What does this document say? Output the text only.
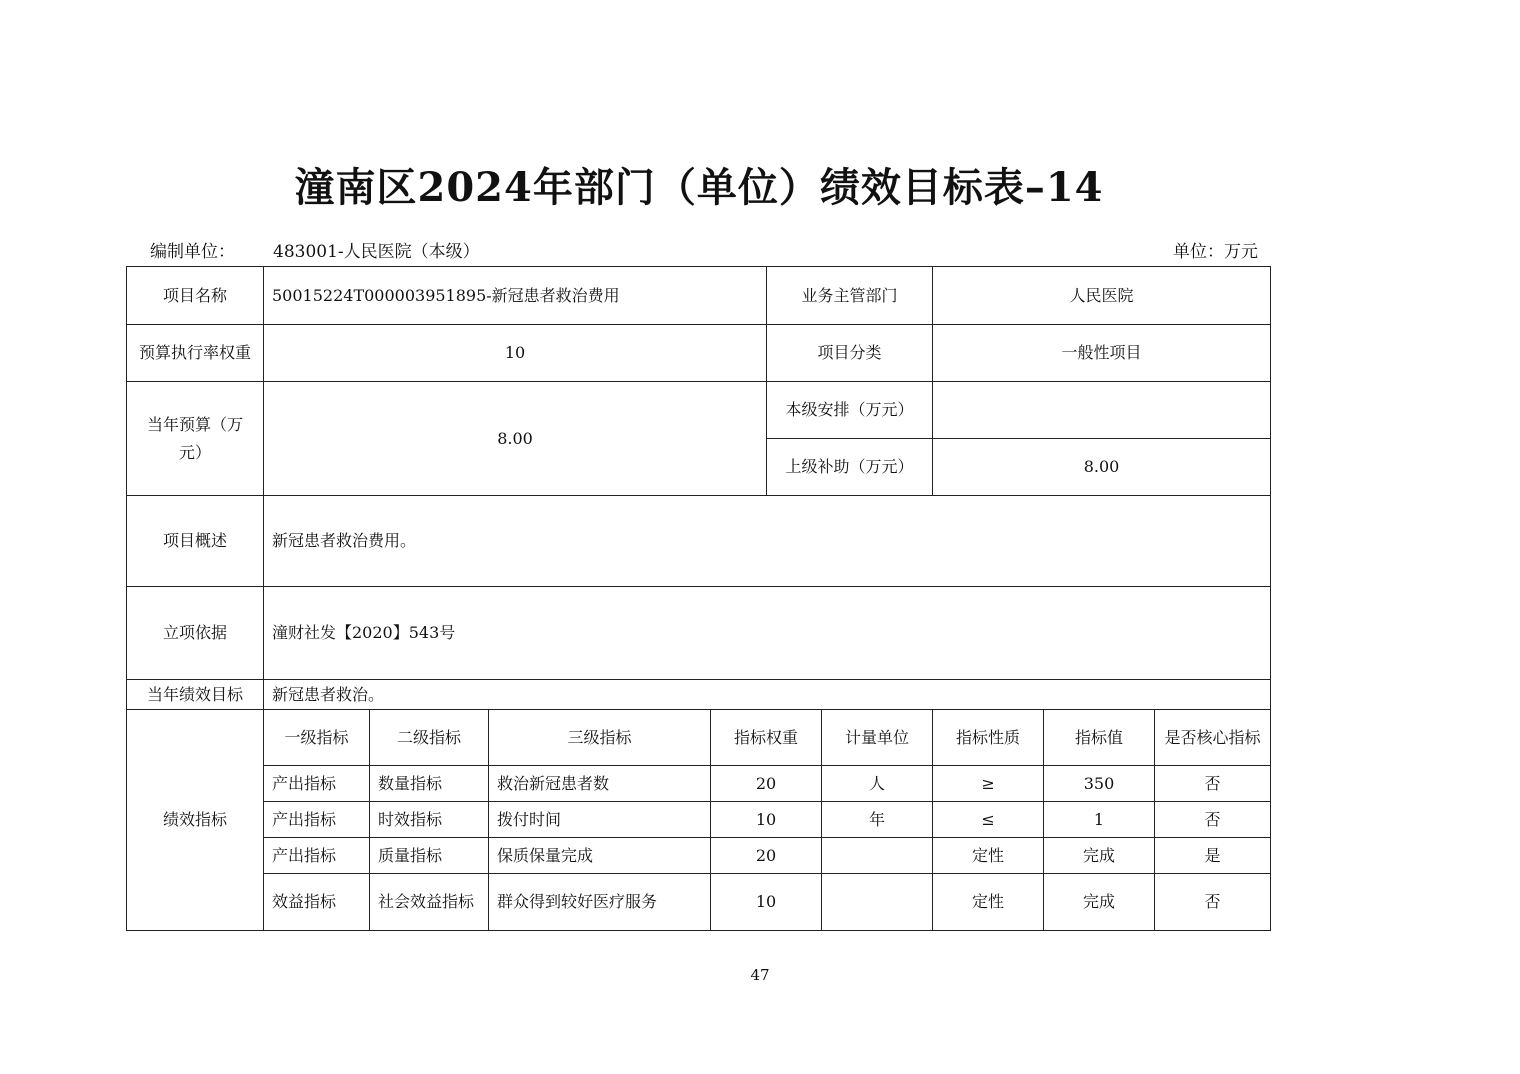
潼南区2024年部门（单位）绩效目标表–14
编制单位： 483001-人民医院（本级）	单位：万元
项目名称	50015224T000003951895-新冠患者救治费用				业务主管部门		人民医院		
预算执行率权重	10				项目分类		一般性项目		
当年预算（万元）	8.00				本级安排（万元）				
					上级补助（万元）		8.00		
项目概述	新冠患者救治费用。								
立项依据	潼财社发【2020】543号								
当年绩效目标	新冠患者救治。								
绩效指标	一级指标	二级指标	三级指标	指标权重		计量单位	指标性质	指标值	是否核心指标
	产出指标	数量指标	救治新冠患者数	20		人	≥	350	否
	产出指标	时效指标	拨付时间	10		年	≤	1	否
	产出指标	质量指标	保质保量完成	20			定性	完成	是
	效益指标	社会效益指标	群众得到较好医疗服务	10			定性	完成	否
47
